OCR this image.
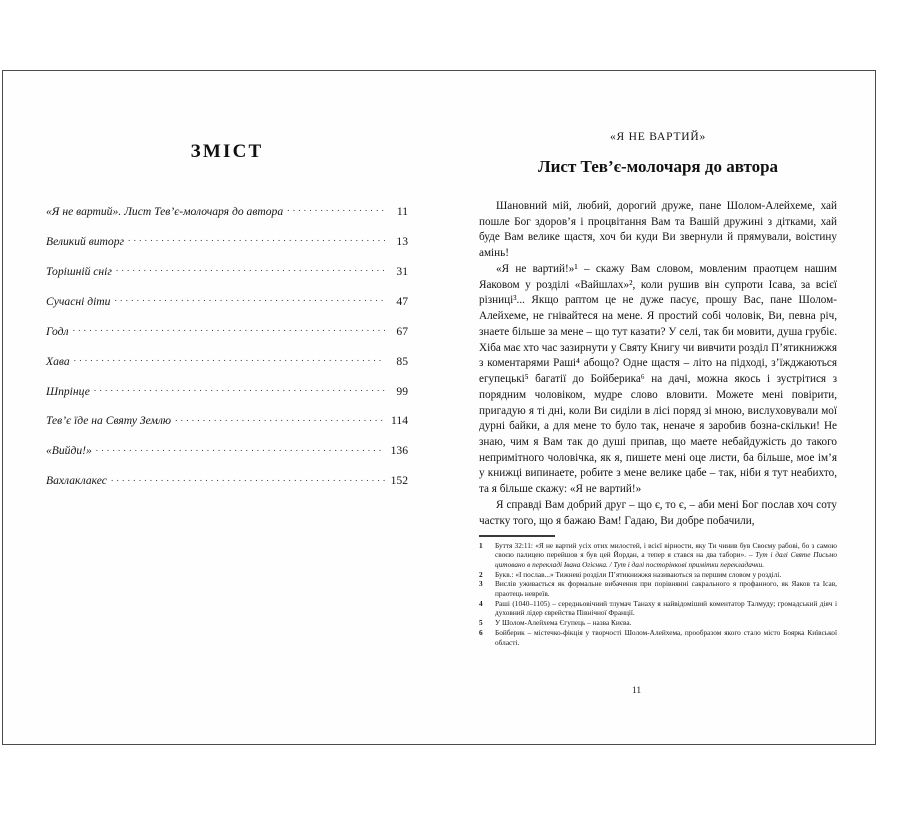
ЗМІСТ
«Я не вартий». Лист Тев’є-молочаря до автора . . .	11
Великий виторг . . .	13
Торішній сніг . . .	31
Сучасні діти . . .	47
Годл . . .	67
Хава . . .	85
Шпрінце . . .	99
Тев’є їде на Святу Землю . . .	114
«Вийди!» . . .	136
Вахлаклакес . . .	152
«Я НЕ ВАРТИЙ»
Лист Тев’є-молочаря до автора

Шановний мій, любий, дорогий друже, пане Шолом-Алейхеме, хай пошле Бог здоров’я і процвітання Вам та Вашій дружині з дітками, хай буде Вам велике щастя, хоч би куди Ви звернули й прямували, воістину амінь!

«Я не вартий!»¹ – скажу Вам словом, мовленим праотцем нашим Яаковом у розділі «Вайшлах»², коли рушив він супроти Ісава, за всієї різниці³... Якщо раптом це не дуже пасує, прошу Вас, пане Шолом-Алейхеме, не гнівайтеся на мене. Я простий собі чоловік, Ви, певна річ, знаете більше за мене – що тут казати? У селі, так би мовити, душа грубіє. Хіба має хто час зазирнути у Святу Книгу чи вивчити розділ П’ятикнижжя з коментарями Раші⁴ абощо? Одне щастя – літо на підході, з’їжджаються егупецькі⁵ багатії до Бойберика⁶ на дачі, можна якось і зустрітися з порядним чоловіком, мудре слово вловити. Можете мені повірити, пригадую я ті дні, коли Ви сиділи в лісі поряд зі мною, вислуховували мої дурні байки, а для мене то було так, неначе я заробив бозна-скільки! Не знаю, чим я Вам так до душі припав, що маете небайдужість до такого непримітного чоловічка, як я, пишете мені оце листи, ба більше, мое ім’я у книжці випинаете, робите з мене велике цабе – так, ніби я тут неабихто, та я більше скажу: «Я не вартий!»

Я справді Вам добрий друг – що є, то є, – аби мені Бог послав хоч соту частку того, що я бажаю Вам! Гадаю, Ви добре побачили,

1	Буття 32:11: «Я не вартий усіх отих милостей, і всієї вірности, яку Ти чинив був Своєму рабові, бо з самою своєю палицею перейшов я був цей Йордан, а тепер я стався на два табори». – Тут і далі Святе Письмо цитовано в перекладі Івана Огієнка. / Тут і далі посторінкові примітки перекладачки.
2	Букв.: «І послав...» Тижневі розділи П’ятикнижжя називаються за першим словом у розділі.
3	Вислів уживається як формальне вибачення при порівнянні сакрального я профанного, як Яаков та Ісав, праотець невреїв.
4	Раші (1040–1105) – середньовічний тлумач Танаху я найвідоміший коментатор Талмуду; громадський діяч і духовний лідер єврейства Північної Франції.
5	У Шолом-Алейхема Єгупець – назва Києва.
6	Бойберик – містечко-фікція у творчості Шолом-Алейхема, прообразом якого стало місто Боярка Київської області.
11
